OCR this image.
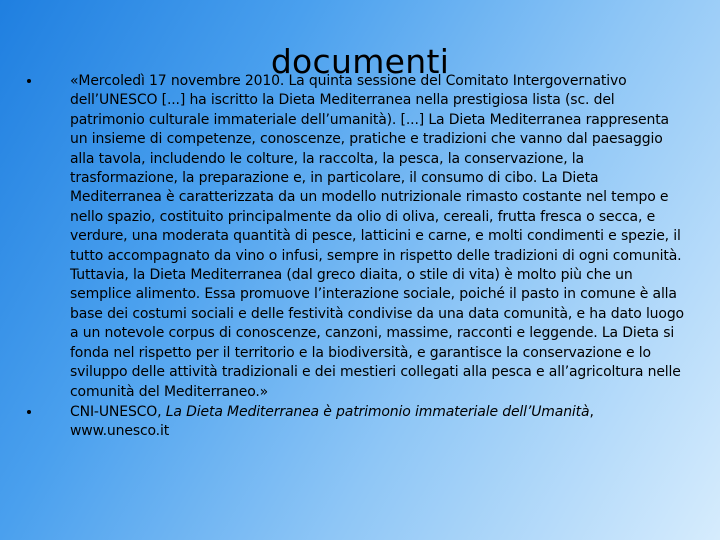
documenti
«Mercoledì 17 novembre 2010. La quinta sessione del Comitato Intergovernativo dell’UNESCO [...] ha iscritto la Dieta Mediterranea nella prestigiosa lista (sc. del patrimonio culturale immateriale dell’umanità). [...] La Dieta Mediterranea rappresenta un insieme di competenze, conoscenze, pratiche e tradizioni che vanno dal paesaggio alla tavola, includendo le colture, la raccolta, la pesca, la conservazione, la trasformazione, la preparazione e, in particolare, il consumo di cibo. La Dieta Mediterranea è caratterizzata da un modello nutrizionale rimasto costante nel tempo e nello spazio, costituito principalmente da olio di oliva, cereali, frutta fresca o secca, e verdure, una moderata quantità di pesce, latticini e carne, e molti condimenti e spezie, il tutto accompagnato da vino o infusi, sempre in rispetto delle tradizioni di ogni comunità. Tuttavia, la Dieta Mediterranea (dal greco diaita, o stile di vita) è molto più che un semplice alimento. Essa promuove l’interazione sociale, poiché il pasto in comune è alla base dei costumi sociali e delle festività condivise da una data comunità, e ha dato luogo a un notevole corpus di conoscenze, canzoni, massime, racconti e leggende. La Dieta si fonda nel rispetto per il territorio e la biodiversità, e garantisce la conservazione e lo sviluppo delle attività tradizionali e dei mestieri collegati alla pesca e all’agricoltura nelle comunità del Mediterraneo.»
CNI-UNESCO, La Dieta Mediterranea è patrimonio immateriale dell’Umanità, www.unesco.it
